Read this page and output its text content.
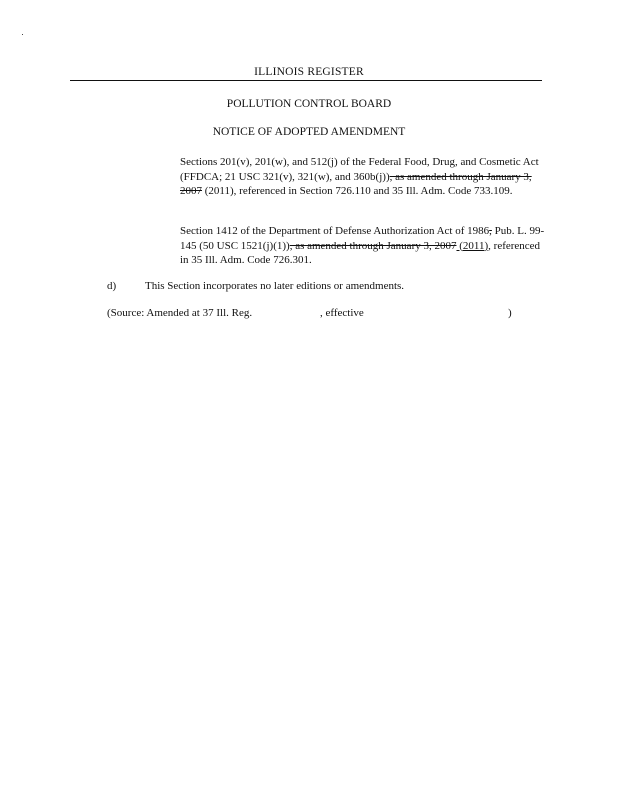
ILLINOIS REGISTER
POLLUTION CONTROL BOARD
NOTICE OF ADOPTED AMENDMENT
Sections 201(v), 201(w), and 512(j) of the Federal Food, Drug, and Cosmetic Act (FFDCA; 21 USC 321(v), 321(w), and 360b(j)), as amended through January 3, 2007 (2011), referenced in Section 726.110 and 35 Ill. Adm. Code 733.109.
Section 1412 of the Department of Defense Authorization Act of 1986, Pub. L. 99-145 (50 USC 1521(j)(1)), as amended through January 3, 2007 (2011), referenced in 35 Ill. Adm. Code 726.301.
d)	This Section incorporates no later editions or amendments.
(Source: Amended at 37 Ill. Reg.	, effective	)
